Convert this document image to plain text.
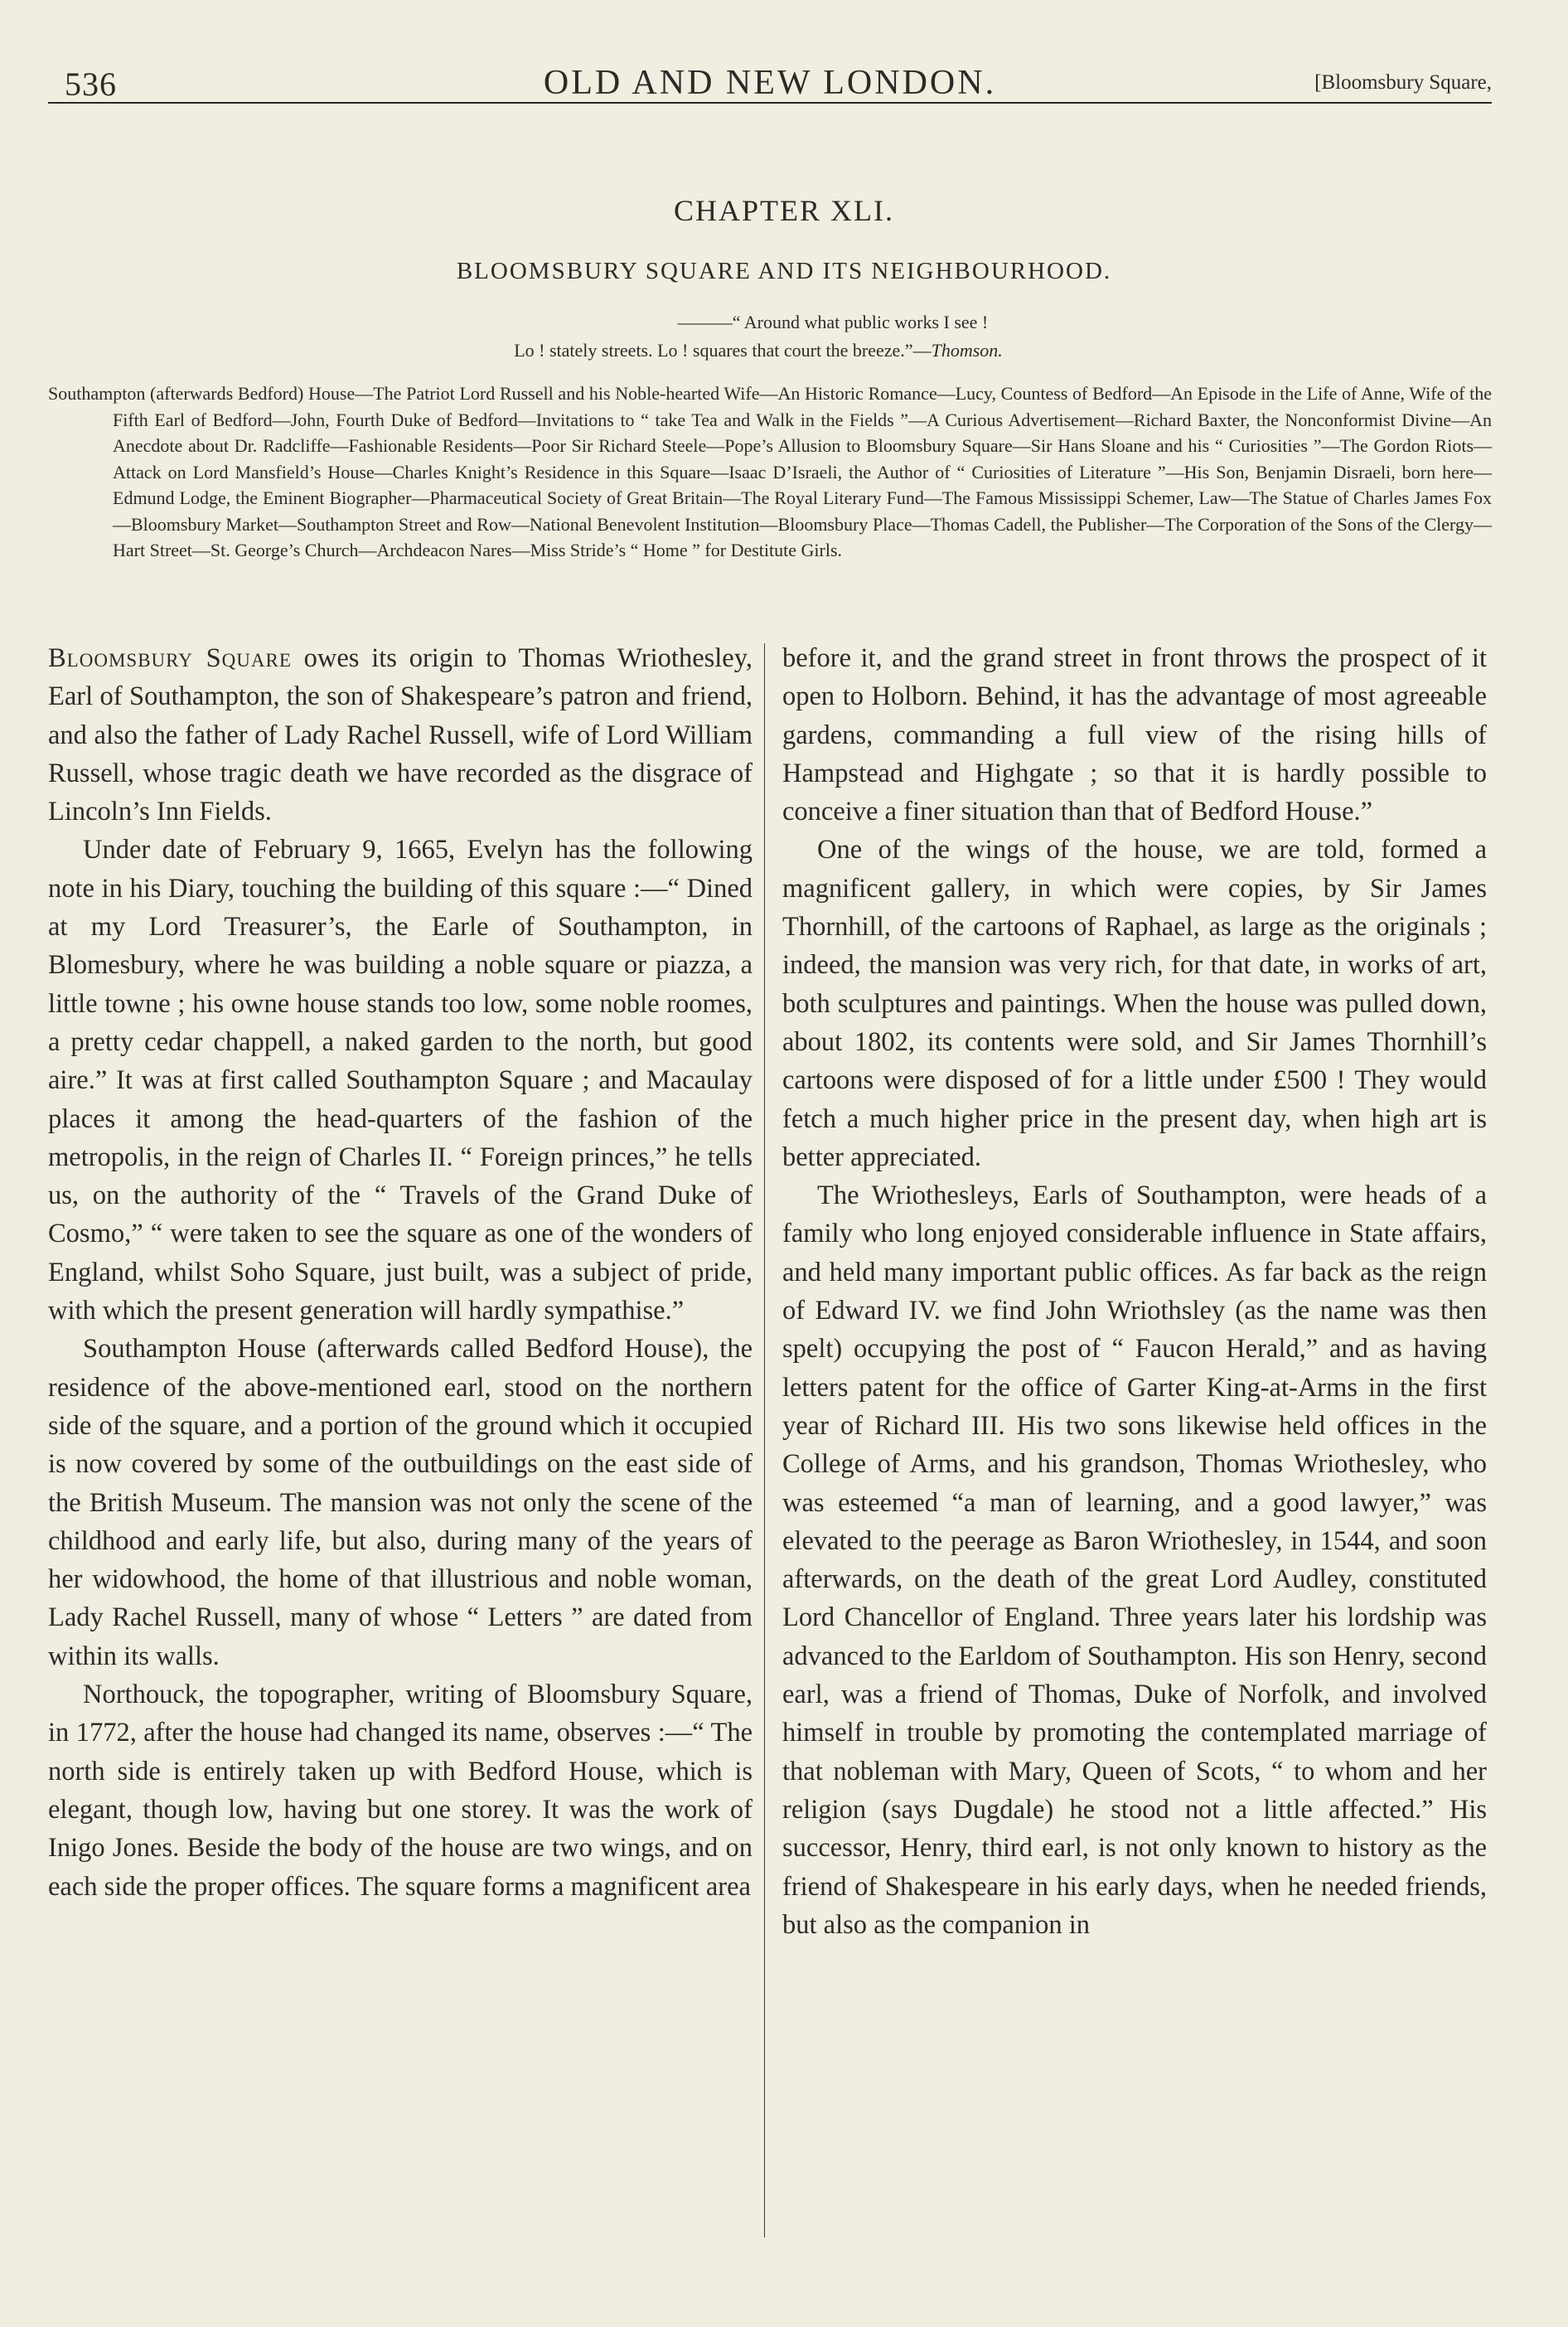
536	OLD AND NEW LONDON.	[Bloomsbury Square,
CHAPTER XLI.
BLOOMSBURY SQUARE AND ITS NEIGHBOURHOOD.
———“ Around what public works I see !
Lo ! stately streets. Lo ! squares that court the breeze.”—Thomson.
Southampton (afterwards Bedford) House—The Patriot Lord Russell and his Noble-hearted Wife—An Historic Romance—Lucy, Countess of Bedford—An Episode in the Life of Anne, Wife of the Fifth Earl of Bedford—John, Fourth Duke of Bedford—Invitations to “ take Tea and Walk in the Fields ”—A Curious Advertisement—Richard Baxter, the Nonconformist Divine—An Anecdote about Dr. Radcliffe—Fashionable Residents—Poor Sir Richard Steele—Pope’s Allusion to Bloomsbury Square—Sir Hans Sloane and his “ Curiosities ”—The Gordon Riots—Attack on Lord Mansfield’s House—Charles Knight’s Residence in this Square—Isaac D’Israeli, the Author of “ Curiosities of Literature ”—His Son, Benjamin Disraeli, born here—Edmund Lodge, the Eminent Biographer—Pharmaceutical Society of Great Britain—The Royal Literary Fund—The Famous Mississippi Schemer, Law—The Statue of Charles James Fox—Bloomsbury Market—Southampton Street and Row—National Benevolent Institution—Bloomsbury Place—Thomas Cadell, the Publisher—The Corporation of the Sons of the Clergy—Hart Street—St. George’s Church—Archdeacon Nares—Miss Stride’s “ Home ” for Destitute Girls.

Bloomsbury Square owes its origin to Thomas Wriothesley, Earl of Southampton, the son of Shakespeare’s patron and friend, and also the father of Lady Rachel Russell, wife of Lord William Russell, whose tragic death we have recorded as the disgrace of Lincoln’s Inn Fields.

Under date of February 9, 1665, Evelyn has the following note in his Diary, touching the building of this square :—“ Dined at my Lord Treasurer’s, the Earle of Southampton, in Blomesbury, where he was building a noble square or piazza, a little towne ; his owne house stands too low, some noble roomes, a pretty cedar chappell, a naked garden to the north, but good aire.” It was at first called Southampton Square ; and Macaulay places it among the head-quarters of the fashion of the metropolis, in the reign of Charles II. “ Foreign princes,” he tells us, on the authority of the “ Travels of the Grand Duke of Cosmo,” “ were taken to see the square as one of the wonders of England, whilst Soho Square, just built, was a subject of pride, with which the present generation will hardly sympathise.”

Southampton House (afterwards called Bedford House), the residence of the above-mentioned earl, stood on the northern side of the square, and a portion of the ground which it occupied is now covered by some of the outbuildings on the east side of the British Museum. The mansion was not only the scene of the childhood and early life, but also, during many of the years of her widowhood, the home of that illustrious and noble woman, Lady Rachel Russell, many of whose “ Letters ” are dated from within its walls.

Northouck, the topographer, writing of Bloomsbury Square, in 1772, after the house had changed its name, observes :—“ The north side is entirely taken up with Bedford House, which is elegant, though low, having but one storey. It was the work of Inigo Jones. Beside the body of the house are two wings, and on each side the proper offices. The square forms a magnificent area

before it, and the grand street in front throws the prospect of it open to Holborn. Behind, it has the advantage of most agreeable gardens, commanding a full view of the rising hills of Hampstead and Highgate ; so that it is hardly possible to conceive a finer situation than that of Bedford House.”

One of the wings of the house, we are told, formed a magnificent gallery, in which were copies, by Sir James Thornhill, of the cartoons of Raphael, as large as the originals ; indeed, the mansion was very rich, for that date, in works of art, both sculptures and paintings. When the house was pulled down, about 1802, its contents were sold, and Sir James Thornhill’s cartoons were disposed of for a little under £500 ! They would fetch a much higher price in the present day, when high art is better appreciated.

The Wriothesleys, Earls of Southampton, were heads of a family who long enjoyed considerable influence in State affairs, and held many important public offices. As far back as the reign of Edward IV. we find John Wriothsley (as the name was then spelt) occupying the post of “ Faucon Herald,” and as having letters patent for the office of Garter King-at-Arms in the first year of Richard III. His two sons likewise held offices in the College of Arms, and his grandson, Thomas Wriothesley, who was esteemed “a man of learning, and a good lawyer,” was elevated to the peerage as Baron Wriothesley, in 1544, and soon afterwards, on the death of the great Lord Audley, constituted Lord Chancellor of England. Three years later his lordship was advanced to the Earldom of Southampton. His son Henry, second earl, was a friend of Thomas, Duke of Norfolk, and involved himself in trouble by promoting the contemplated marriage of that nobleman with Mary, Queen of Scots, “ to whom and her religion (says Dugdale) he stood not a little affected.” His successor, Henry, third earl, is not only known to history as the friend of Shakespeare in his early days, when he needed friends, but also as the companion in
